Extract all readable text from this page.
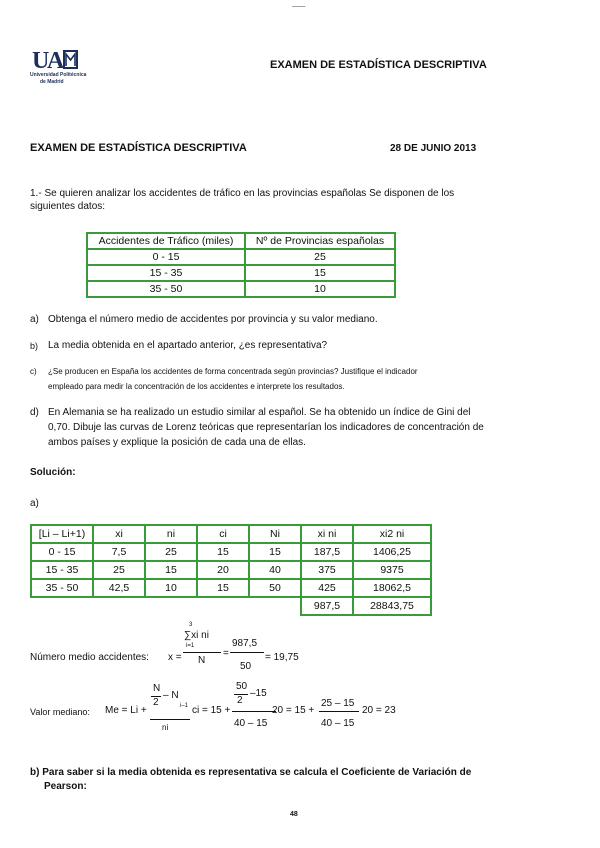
___
U
A
Universidad Politécnica
de Madrid
EXAMEN DE ESTADÍSTICA DESCRIPTIVA
EXAMEN DE ESTADÍSTICA DESCRIPTIVA	28 DE JUNIO 2013
1.- Se quieren analizar los accidentes de tráfico en las provincias españolas Se disponen de los
siguientes datos:
Accidentes de Tráfico (miles)	Nº de Provincias españolas
0 - 15	25
15 - 35	15
35 - 50	10
a) Obtenga el número medio de accidentes por provincia y su valor mediano.
b) La media obtenida en el apartado anterior, ¿es representativa?
c) ¿Se producen en España los accidentes de forma concentrada según provincias? Justifique el indicador
empleado para medir la concentración de los accidentes e interprete los resultados.
d) En Alemania se ha realizado un estudio similar al español. Se ha obtenido un índice de Gini del
0,70. Dibuje las curvas de Lorenz teóricas que representarían los indicadores de concentración de
ambos países y explique la posición de cada una de ellas.
Solución:
a)
[Li – Li+1)	xi	ni	ci	Ni	xi ni	xi2 ni
0 - 15	7,5	25	15	15	187,5	1406,25
15 - 35	25	15	20	40	375	9375
35 - 50	42,5	10	15	50	425	18062,5
					987,5	28843,75
Número medio accidentes: x =
3
∑xi ni
i=1
N
=
987,5
50
= 19,75
Valor mediano: Me = Li +
N
2
– N
i–1
ni
ci = 15 +
50
2
–15
40 – 15
20 = 15 +
25 – 15
40 – 15
20 = 23
b) Para saber si la media obtenida es representativa se calcula el Coeficiente de Variación de
Pearson:
48
